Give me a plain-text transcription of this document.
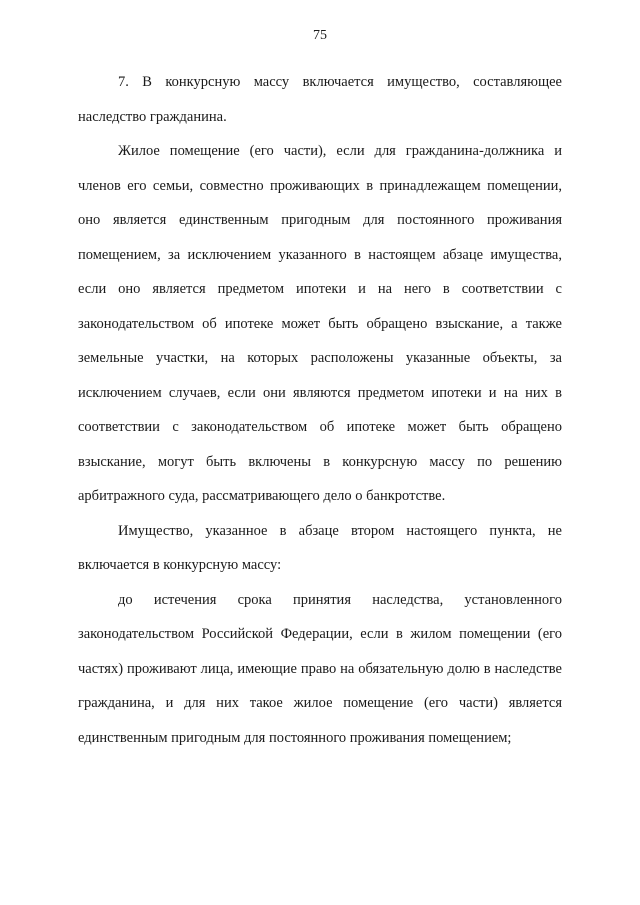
75

7. В конкурсную массу включается имущество, составляющее наследство гражданина.

Жилое помещение (его части), если для гражданина-должника и членов его семьи, совместно проживающих в принадлежащем помещении, оно является единственным пригодным для постоянного проживания помещением, за исключением указанного в настоящем абзаце имущества, если оно является предметом ипотеки и на него в соответствии с законодательством об ипотеке может быть обращено взыскание, а также земельные участки, на которых расположены указанные объекты, за исключением случаев, если они являются предметом ипотеки и на них в соответствии с законодательством об ипотеке может быть обращено взыскание, могут быть включены в конкурсную массу по решению арбитражного суда, рассматривающего дело о банкротстве.

Имущество, указанное в абзаце втором настоящего пункта, не включается в конкурсную массу:

до истечения срока принятия наследства, установленного законодательством Российской Федерации, если в жилом помещении (его частях) проживают лица, имеющие право на обязательную долю в наследстве гражданина, и для них такое жилое помещение (его части) является единственным пригодным для постоянного проживания помещением;
